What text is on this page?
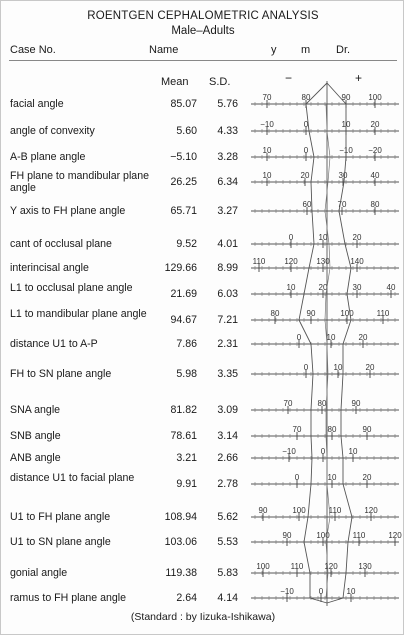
ROENTGEN CEPHALOMETRIC ANALYSIS
Male–Adults
Case No.	Name	y m Dr.
Mean S.D.	−	+
facial angle	85.07	5.76
angle of convexity	5.60	4.33
A-B plane angle	−5.10	3.28
FH plane to mandibular plane angle	26.25	6.34
Y axis to FH plane angle	65.71	3.27
cant of occlusal plane	9.52	4.01
interincisal angle	129.66	8.99
L1 to occlusal plane angle	21.69	6.03
L1 to mandibular plane angle	94.67	7.21
distance U1 to A-P	7.86	2.31
FH to SN plane angle	5.98	3.35
SNA angle	81.82	3.09
SNB angle	78.61	3.14
ANB angle	3.21	2.66
distance U1 to facial plane	9.91	2.78
U1 to FH plane angle	108.94	5.62
U1 to SN plane angle	103.06	5.53
gonial angle	119.38	5.83
ramus to FH plane angle	2.64	4.14
70	80	90 100
−10	0	10	20
10	0	−10 −20
10	20	30	40
60	70	80
0	10	20
110 120 130	140
10	20	30	40
80	90	100	110
0	10	20
0	10	20
70	80	90
70	80	90
−10	0	10
0	10	20
90	100	110	120
90	100	110	120
100	110	120	130
−10	0	10
(Standard : by Iizuka-Ishikawa)
